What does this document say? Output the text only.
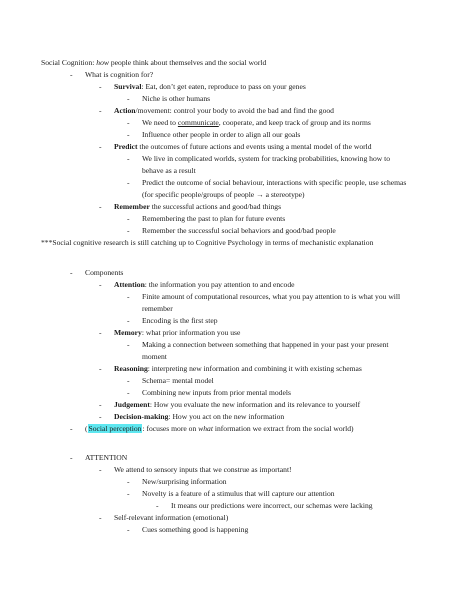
Social Cognition: how people think about themselves and the social world
- What is cognition for?
- Survival: Eat, don’t get eaten, reproduce to pass on your genes
- Niche is other humans
- Action/movement: control your body to avoid the bad and find the good
- We need to communicate, cooperate, and keep track of group and its norms
- Influence other people in order to align all our goals
- Predict the outcomes of future actions and events using a mental model of the world
- We live in complicated worlds, system for tracking probabilities, knowing how to
behave as a result
- Predict the outcome of social behaviour, interactions with specific people, use schemas
(for specific people/groups of people → a stereotype)
- Remember the successful actions and good/bad things
- Remembering the past to plan for future events
- Remember the successful social behaviors and good/bad people
***Social cognitive research is still catching up to Cognitive Psychology in terms of mechanistic explanation
- Components
- Attention: the information you pay attention to and encode
- Finite amount of computational resources, what you pay attention to is what you will
remember
- Encoding is the first step
- Memory: what prior information you use
- Making a connection between something that happened in your past your present
moment
- Reasoning: interpreting new information and combining it with existing schemas
- Schema= mental model
- Combining new inputs from prior mental models
- Judgement: How you evaluate the new information and its relevance to yourself
- Decision-making: How you act on the new information
- (Social perception: focuses more on what information we extract from the social world)
- ATTENTION
- We attend to sensory inputs that we construe as important!
- New/surprising information
- Novelty is a feature of a stimulus that will capture our attention
- It means our predictions were incorrect, our schemas were lacking
- Self-relevant information (emotional)
- Cues something good is happening
